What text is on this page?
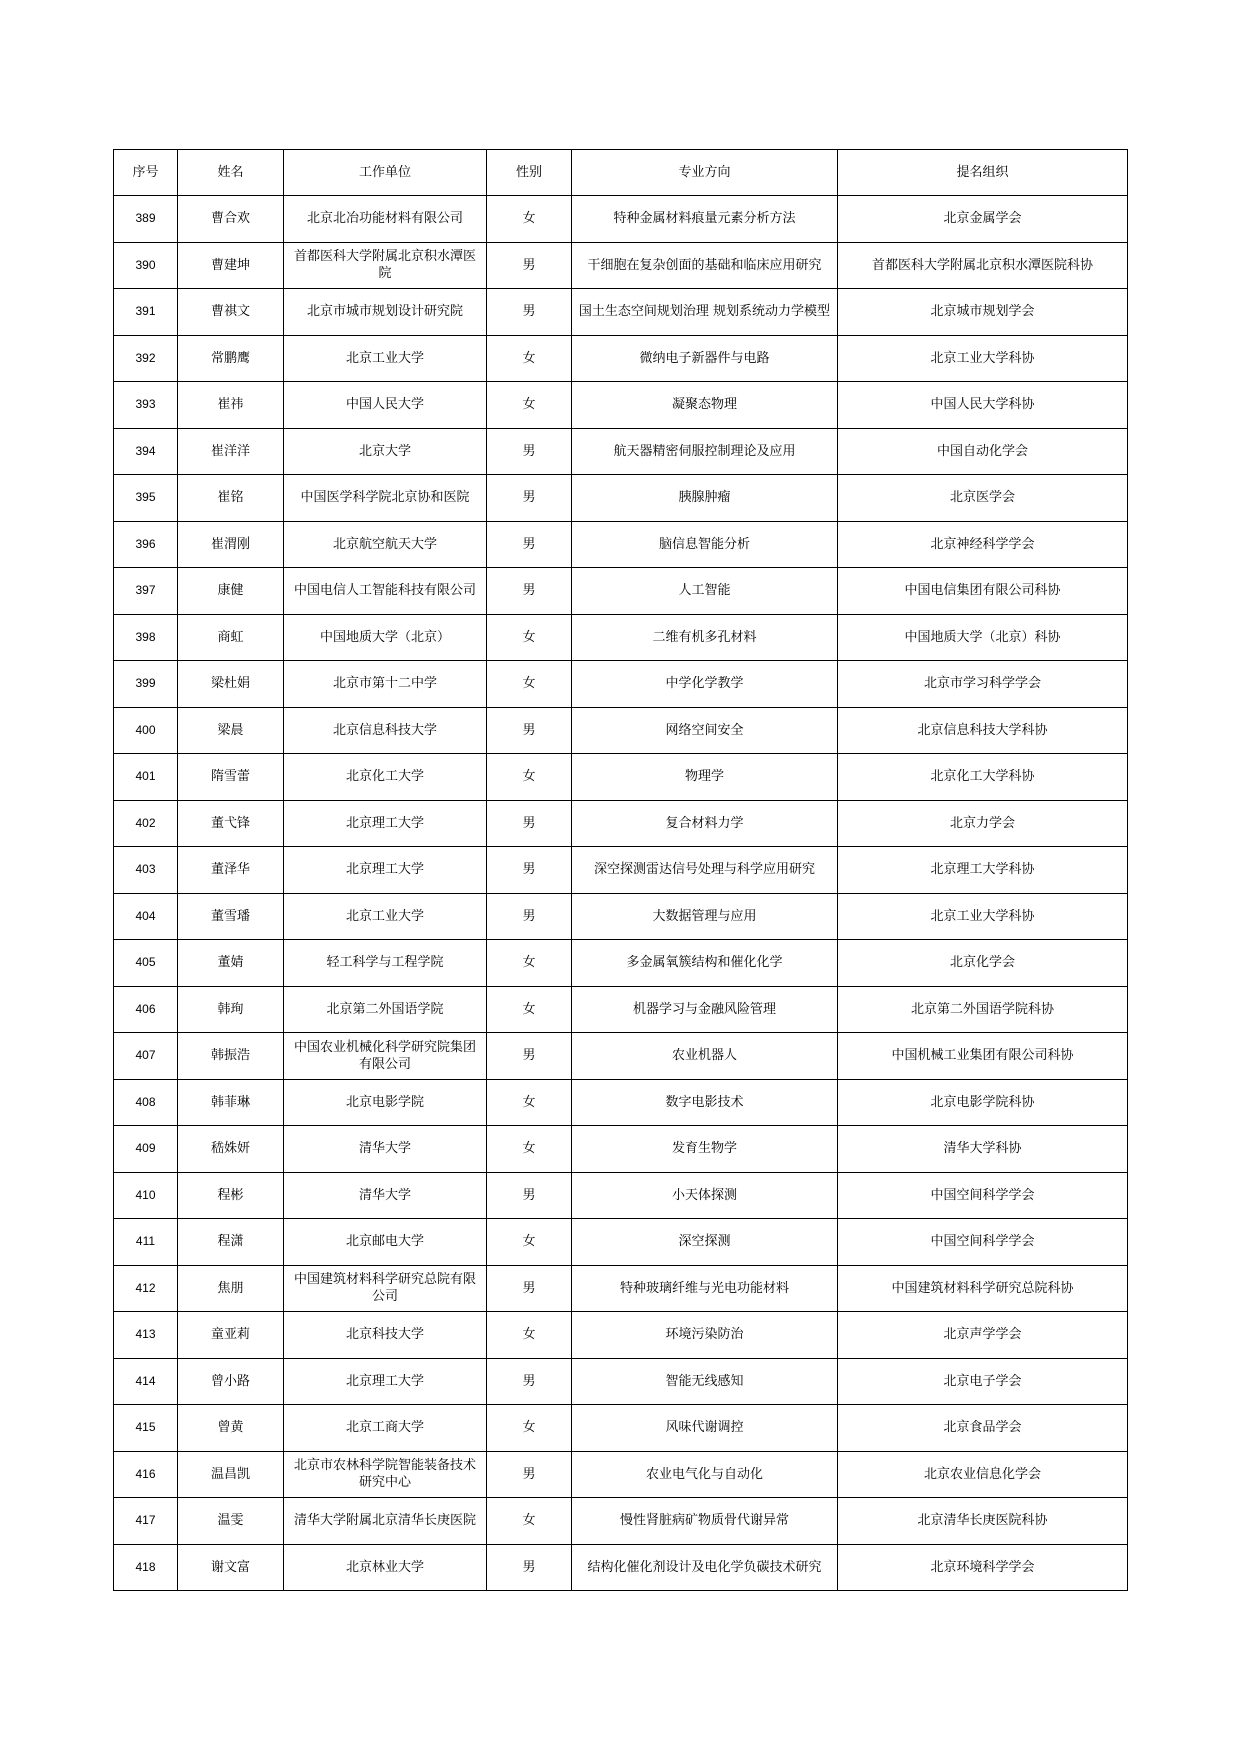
序号	姓名	工作单位	性别	专业方向	提名组织
389	曹合欢	北京北冶功能材料有限公司	女	特种金属材料痕量元素分析方法	北京金属学会
390	曹建坤	首都医科大学附属北京积水潭医院	男	干细胞在复杂创面的基础和临床应用研究	首都医科大学附属北京积水潭医院科协
391	曹祺文	北京市城市规划设计研究院	男	国土生态空间规划治理 规划系统动力学模型	北京城市规划学会
392	常鹏鹰	北京工业大学	女	微纳电子新器件与电路	北京工业大学科协
393	崔祎	中国人民大学	女	凝聚态物理	中国人民大学科协
394	崔洋洋	北京大学	男	航天器精密伺服控制理论及应用	中国自动化学会
395	崔铭	中国医学科学院北京协和医院	男	胰腺肿瘤	北京医学会
396	崔渭刚	北京航空航天大学	男	脑信息智能分析	北京神经科学学会
397	康健	中国电信人工智能科技有限公司	男	人工智能	中国电信集团有限公司科协
398	商虹	中国地质大学（北京）	女	二维有机多孔材料	中国地质大学（北京）科协
399	梁杜娟	北京市第十二中学	女	中学化学教学	北京市学习科学学会
400	梁晨	北京信息科技大学	男	网络空间安全	北京信息科技大学科协
401	隋雪蕾	北京化工大学	女	物理学	北京化工大学科协
402	董弋锋	北京理工大学	男	复合材料力学	北京力学会
403	董泽华	北京理工大学	男	深空探测雷达信号处理与科学应用研究	北京理工大学科协
404	董雪璠	北京工业大学	男	大数据管理与应用	北京工业大学科协
405	董婧	轻工科学与工程学院	女	多金属氧簇结构和催化化学	北京化学会
406	韩珣	北京第二外国语学院	女	机器学习与金融风险管理	北京第二外国语学院科协
407	韩振浩	中国农业机械化科学研究院集团有限公司	男	农业机器人	中国机械工业集团有限公司科协
408	韩菲琳	北京电影学院	女	数字电影技术	北京电影学院科协
409	嵇姝妍	清华大学	女	发育生物学	清华大学科协
410	程彬	清华大学	男	小天体探测	中国空间科学学会
411	程潇	北京邮电大学	女	深空探测	中国空间科学学会
412	焦朋	中国建筑材料科学研究总院有限公司	男	特种玻璃纤维与光电功能材料	中国建筑材料科学研究总院科协
413	童亚莉	北京科技大学	女	环境污染防治	北京声学学会
414	曾小路	北京理工大学	男	智能无线感知	北京电子学会
415	曾黄	北京工商大学	女	风味代谢调控	北京食品学会
416	温昌凯	北京市农林科学院智能装备技术研究中心	男	农业电气化与自动化	北京农业信息化学会
417	温雯	清华大学附属北京清华长庚医院	女	慢性肾脏病矿物质骨代谢异常	北京清华长庚医院科协
418	谢文富	北京林业大学	男	结构化催化剂设计及电化学负碳技术研究	北京环境科学学会
